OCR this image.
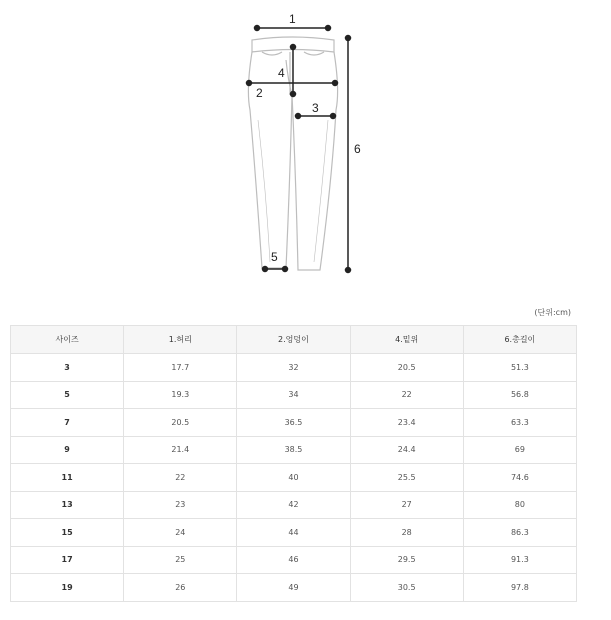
1
2
3
4
5
6
(단위:cm)
사이즈	1.허리	2.엉덩이	4.밑위	6.총길이
3	17.7	32	20.5	51.3
5	19.3	34	22	56.8
7	20.5	36.5	23.4	63.3
9	21.4	38.5	24.4	69
11	22	40	25.5	74.6
13	23	42	27	80
15	24	44	28	86.3
17	25	46	29.5	91.3
19	26	49	30.5	97.8
